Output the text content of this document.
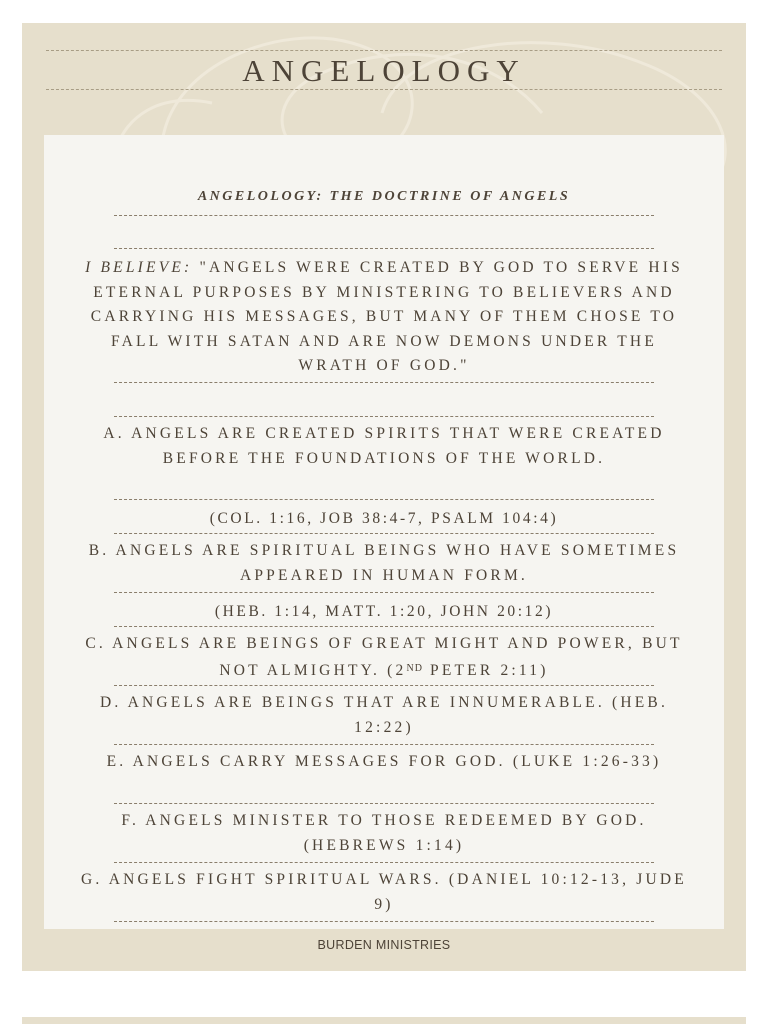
ANGELOLOGY
ANGELOLOGY: THE DOCTRINE OF ANGELS
I BELIEVE: "ANGELS WERE CREATED BY GOD TO SERVE HIS ETERNAL PURPOSES BY MINISTERING TO BELIEVERS AND CARRYING HIS MESSAGES, BUT MANY OF THEM CHOSE TO FALL WITH SATAN AND ARE NOW DEMONS UNDER THE WRATH OF GOD."
A. ANGELS ARE CREATED SPIRITS THAT WERE CREATED BEFORE THE FOUNDATIONS OF THE WORLD.
(COL. 1:16, JOB 38:4-7, PSALM 104:4)
B. ANGELS ARE SPIRITUAL BEINGS WHO HAVE SOMETIMES APPEARED IN HUMAN FORM.
(HEB. 1:14, MATT. 1:20, JOHN 20:12)
C. ANGELS ARE BEINGS OF GREAT MIGHT AND POWER, BUT NOT ALMIGHTY. (2ND PETER 2:11)
D. ANGELS ARE BEINGS THAT ARE INNUMERABLE. (HEB. 12:22)
E. ANGELS CARRY MESSAGES FOR GOD. (LUKE 1:26-33)
F. ANGELS MINISTER TO THOSE REDEEMED BY GOD. (HEBREWS 1:14)
G. ANGELS FIGHT SPIRITUAL WARS. (DANIEL 10:12-13, JUDE 9)
BURDEN MINISTRIES
